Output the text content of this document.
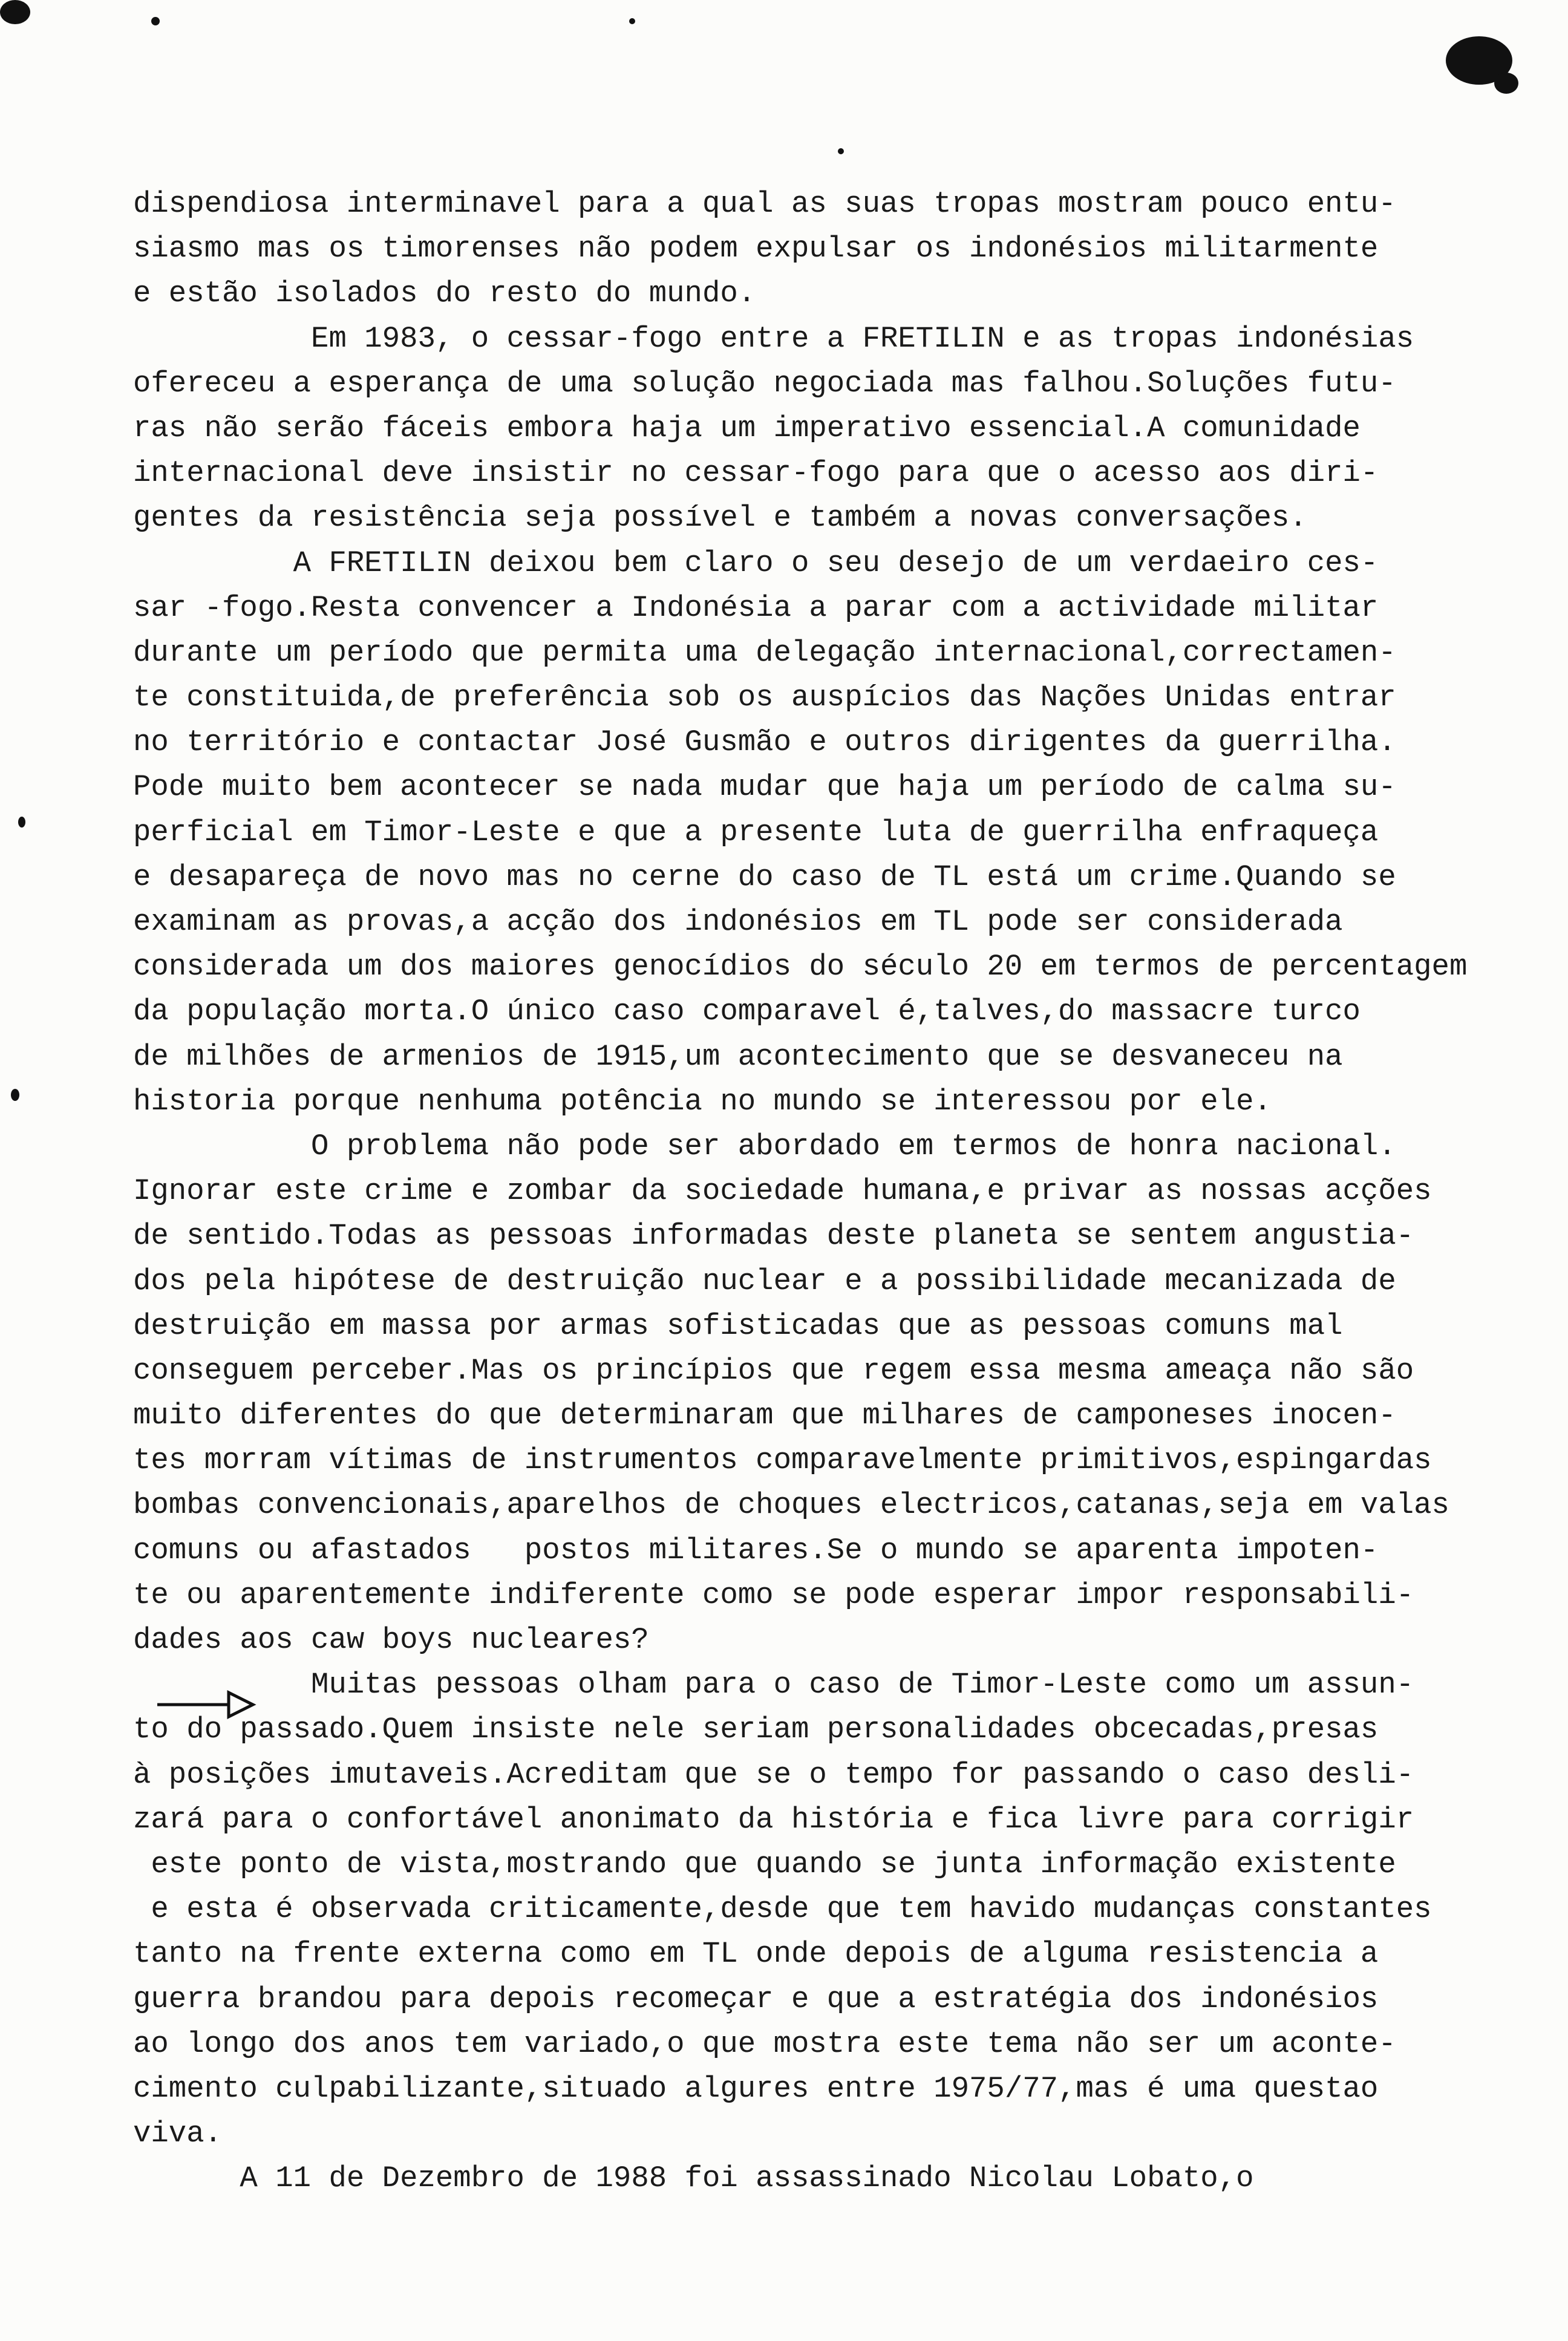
dispendiosa interminavel para a qual as suas tropas mostram pouco entu-
siasmo mas os timorenses não podem expulsar os indonésios militarmente
e estão isolados do resto do mundo.
Em 1983, o cessar-fogo entre a FRETILIN e as tropas indonésias
ofereceu a esperança de uma solução negociada mas falhou.Soluções futu-
ras não serão fáceis embora haja um imperativo essencial.A comunidade
internacional deve insistir no cessar-fogo para que o acesso aos diri-
gentes da resistência seja possível e também a novas conversações.
A FRETILIN deixou bem claro o seu desejo de um verdaeiro ces-
sar -fogo.Resta convencer a Indonésia a parar com a actividade militar
durante um período que permita uma delegação internacional,correctamen-
te constituida,de preferência sob os auspícios das Nações Unidas entrar
no território e contactar José Gusmão e outros dirigentes da guerrilha.
Pode muito bem acontecer se nada mudar que haja um período de calma su-
perficial em Timor-Leste e que a presente luta de guerrilha enfraqueça
e desapareça de novo mas no cerne do caso de TL está um crime.Quando se
examinam as provas,a acção dos indonésios em TL pode ser considerada
considerada um dos maiores genocídios do século 20 em termos de percentagem
da população morta.O único caso comparavel é,talves,do massacre turco
de milhões de armenios de 1915,um acontecimento que se desvaneceu na
historia porque nenhuma potência no mundo se interessou por ele.
O problema não pode ser abordado em termos de honra nacional.
Ignorar este crime e zombar da sociedade humana,e privar as nossas acções
de sentido.Todas as pessoas informadas deste planeta se sentem angustia-
dos pela hipótese de destruição nuclear e a possibilidade mecanizada de
destruição em massa por armas sofisticadas que as pessoas comuns mal
conseguem perceber.Mas os princípios que regem essa mesma ameaça não são
muito diferentes do que determinaram que milhares de camponeses inocen-
tes morram vítimas de instrumentos comparavelmente primitivos,espingardas
bombas convencionais,aparelhos de choques electricos,catanas,seja em valas
comuns ou afastados   postos militares.Se o mundo se aparenta impoten-
te ou aparentemente indiferente como se pode esperar impor responsabili-
dades aos caw boys nucleares?
Muitas pessoas olham para o caso de Timor-Leste como um assun-
to do passado.Quem insiste nele seriam personalidades obcecadas,presas
à posições imutaveis.Acreditam que se o tempo for passando o caso desli-
zará para o confortável anonimato da história e fica livre para corrigir
este ponto de vista,mostrando que quando se junta informação existente
e esta é observada criticamente,desde que tem havido mudanças constantes
tanto na frente externa como em TL onde depois de alguma resistencia a
guerra brandou para depois recomeçar e que a estratégia dos indonésios
ao longo dos anos tem variado,o que mostra este tema não ser um aconte-
cimento culpabilizante,situado algures entre 1975/77,mas é uma questao
viva.
A 11 de Dezembro de 1988 foi assassinado Nicolau Lobato,o
